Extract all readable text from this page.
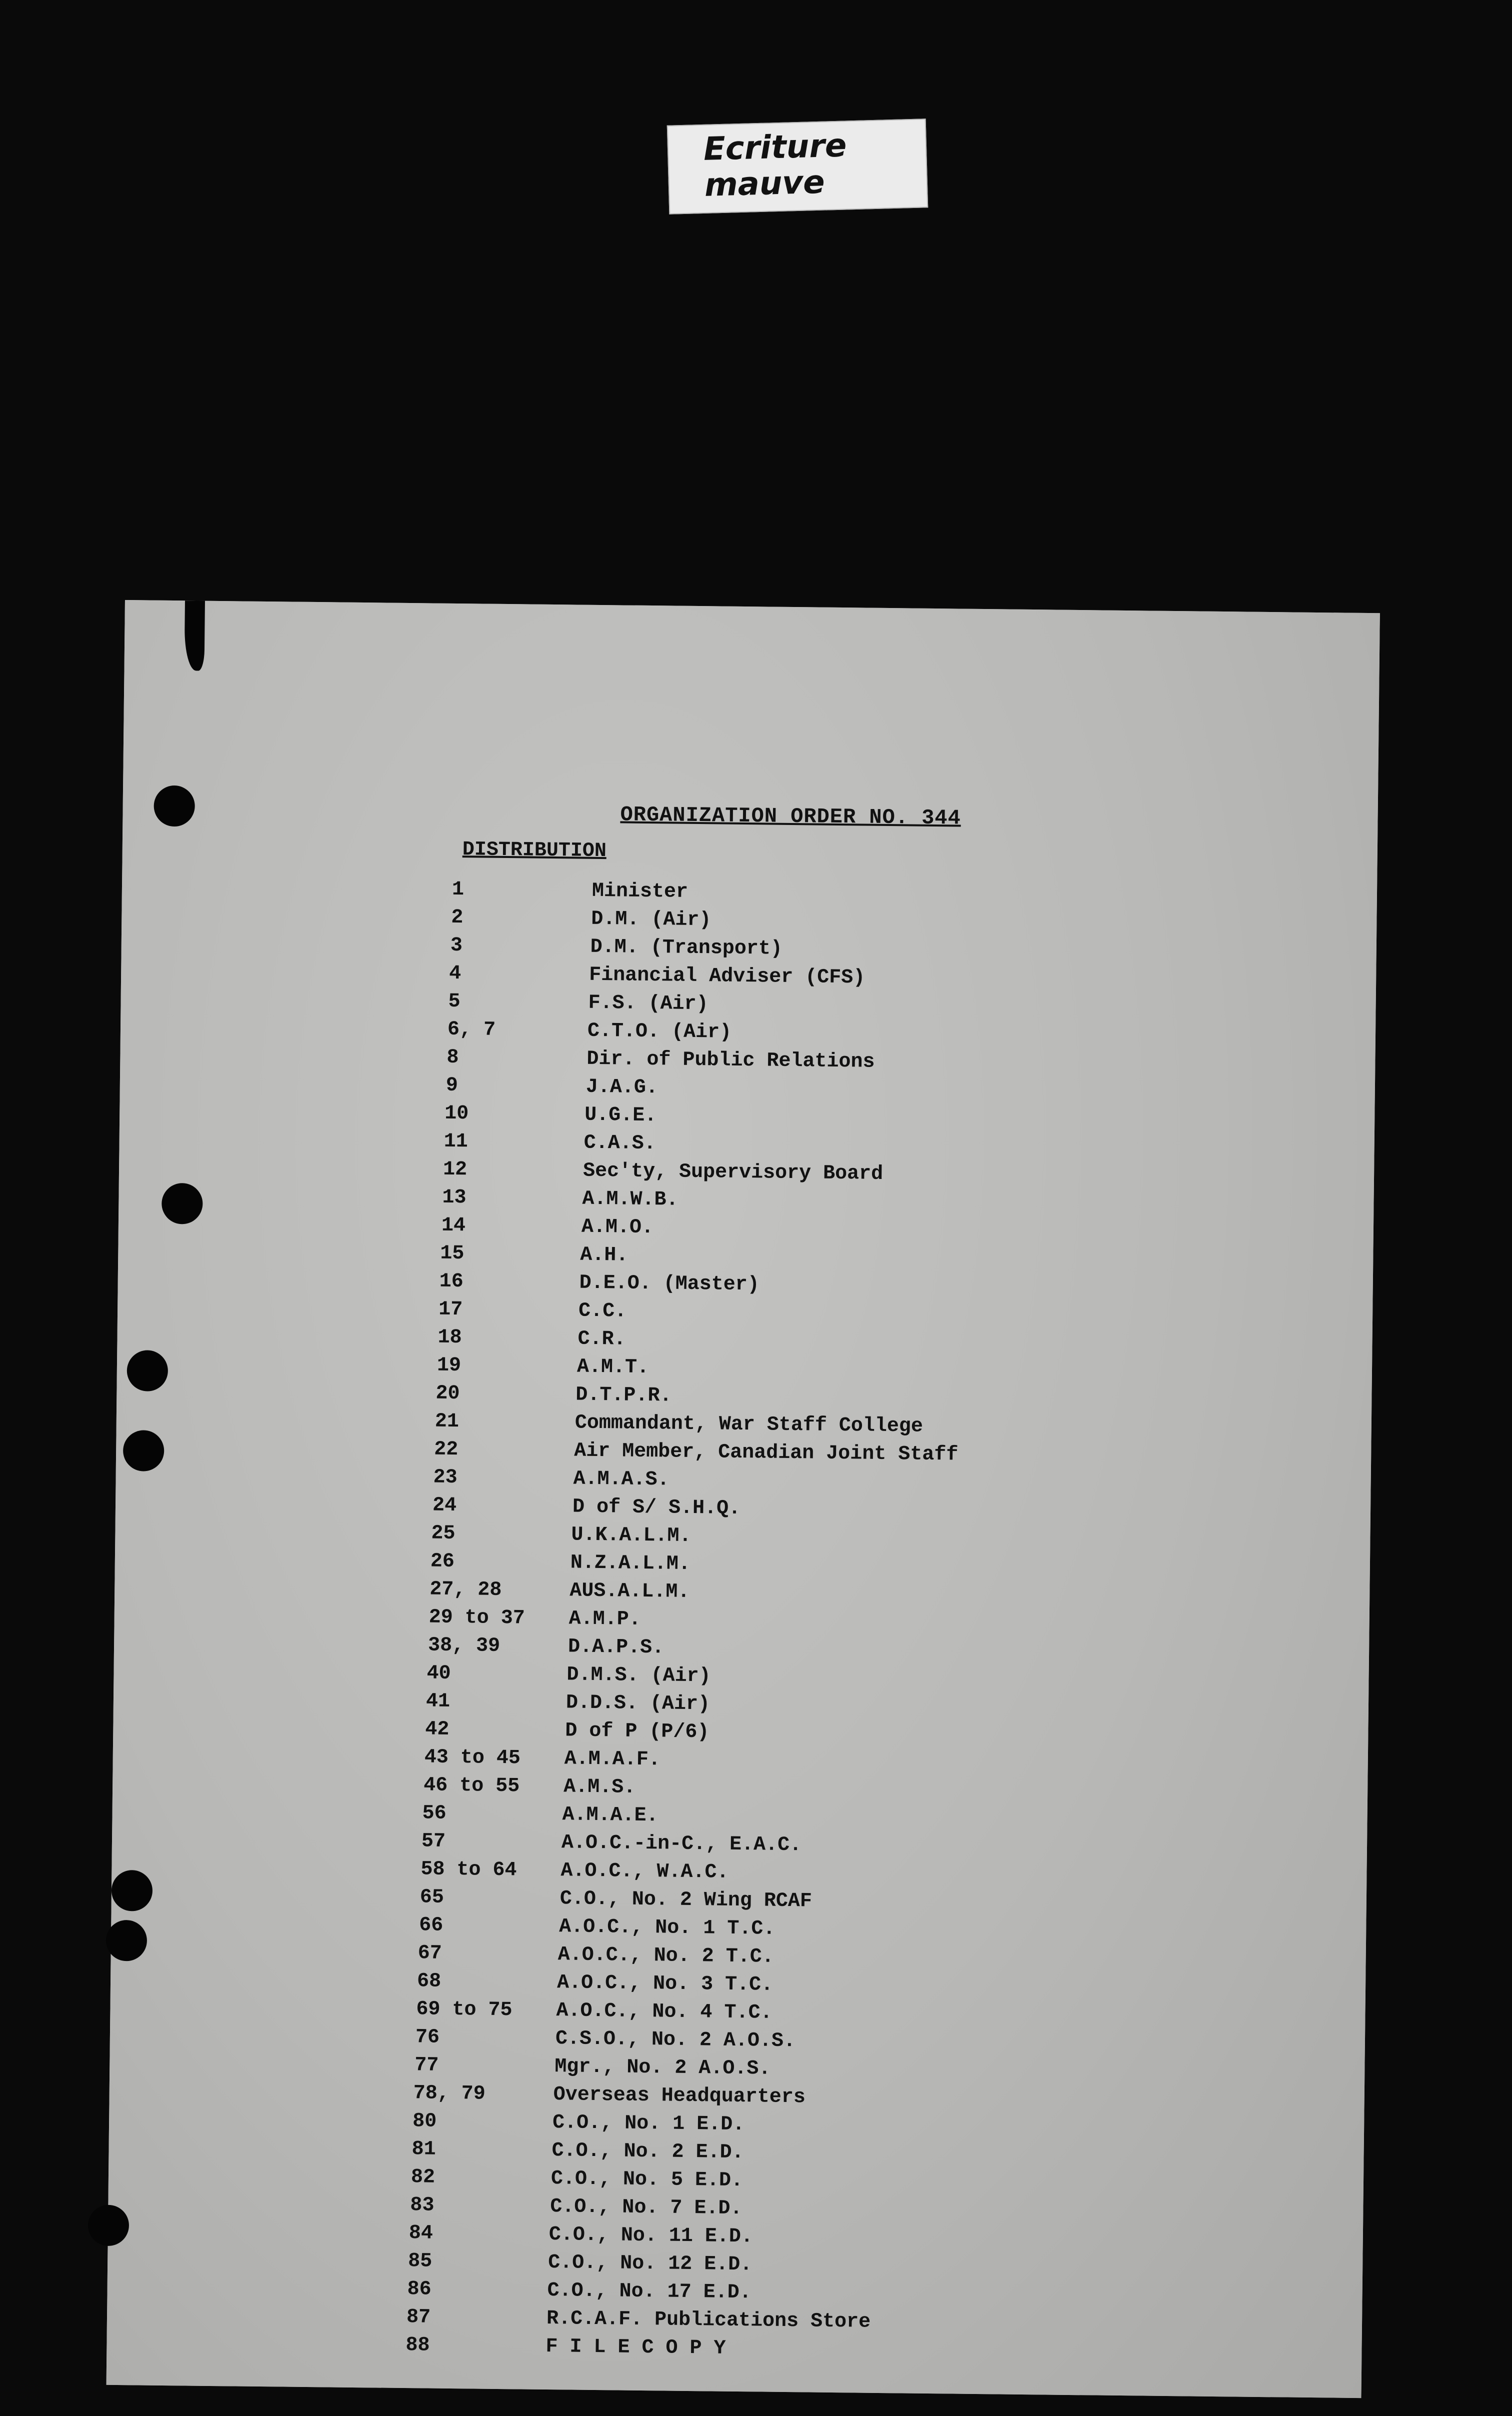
Ecriture
mauve
ORGANIZATION ORDER NO. 344
DISTRIBUTION
1	Minister
2	D.M. (Air)
3	D.M. (Transport)
4	Financial Adviser (CFS)
5	F.S. (Air)
6, 7	C.T.O. (Air)
8	Dir. of Public Relations
9	J.A.G.
10	U.G.E.
11	C.A.S.
12	Sec'ty, Supervisory Board
13	A.M.W.B.
14	A.M.O.
15	A.H.
16	D.E.O. (Master)
17	C.C.
18	C.R.
19	A.M.T.
20	D.T.P.R.
21	Commandant, War Staff College
22	Air Member, Canadian Joint Staff
23	A.M.A.S.
24	D of S/ S.H.Q.
25	U.K.A.L.M.
26	N.Z.A.L.M.
27, 28	AUS.A.L.M.
29 to 37 A.M.P.
38, 39	D.A.P.S.
40	D.M.S. (Air)
41	D.D.S. (Air)
42	D of P (P/6)
43 to 45 A.M.A.F.
46 to 55 A.M.S.
56	A.M.A.E.
57	A.O.C.-in-C., E.A.C.
58 to 64 A.O.C., W.A.C.
65	C.O., No. 2 Wing RCAF
66	A.O.C., No. 1 T.C.
67	A.O.C., No. 2 T.C.
68	A.O.C., No. 3 T.C.
69 to 75 A.O.C., No. 4 T.C.
76	C.S.O., No. 2 A.O.S.
77	Mgr., No. 2 A.O.S.
78, 79	Overseas Headquarters
80	C.O., No. 1 E.D.
81	C.O., No. 2 E.D.
82	C.O., No. 5 E.D.
83	C.O., No. 7 E.D.
84	C.O., No. 11 E.D.
85	C.O., No. 12 E.D.
86	C.O., No. 17 E.D.
87	R.C.A.F. Publications Store
88	F I L E C O P Y
